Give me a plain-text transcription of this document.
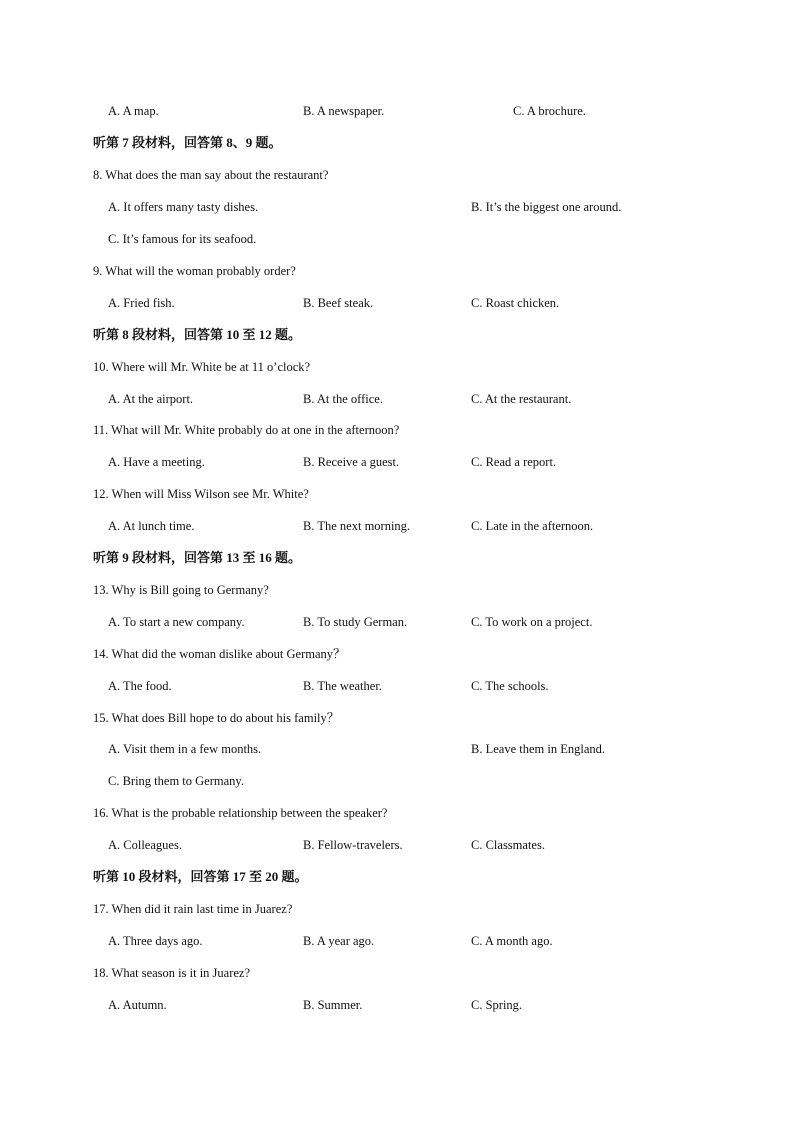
A. A map.	B. A newspaper.	C. A brochure.
听第 7 段材料，回答第 8、9 题。
8. What does the man say about the restaurant?
A. It offers many tasty dishes.	B. It’s the biggest one around.
C. It’s famous for its seafood.
9. What will the woman probably order?
A. Fried fish.	B. Beef steak.	C. Roast chicken.
听第 8 段材料，回答第 10 至 12 题。
10. Where will Mr. White be at 11 o’clock?
A. At the airport.	B. At the office.	C. At the restaurant.
11. What will Mr. White probably do at one in the afternoon?
A. Have a meeting.	B. Receive a guest.	C. Read a report.
12. When will Miss Wilson see Mr. White?
A. At lunch time.	B. The next morning.	C. Late in the afternoon.
听第 9 段材料，回答第 13 至 16 题。
13. Why is Bill going to Germany?
A. To start a new company.	B. To study German.	C. To work on a project.
14. What did the woman dislike about Germany？
A. The food.	B. The weather.	C. The schools.
15. What does Bill hope to do about his family？
A. Visit them in a few months.	B. Leave them in England.
C. Bring them to Germany.
16. What is the probable relationship between the speaker?
A. Colleagues.	B. Fellow-travelers.	C. Classmates.
听第 10 段材料，回答第 17 至 20 题。
17. When did it rain last time in Juarez?
A. Three days ago.	B. A year ago.	C. A month ago.
18. What season is it in Juarez?
A. Autumn.	B. Summer.	C. Spring.
